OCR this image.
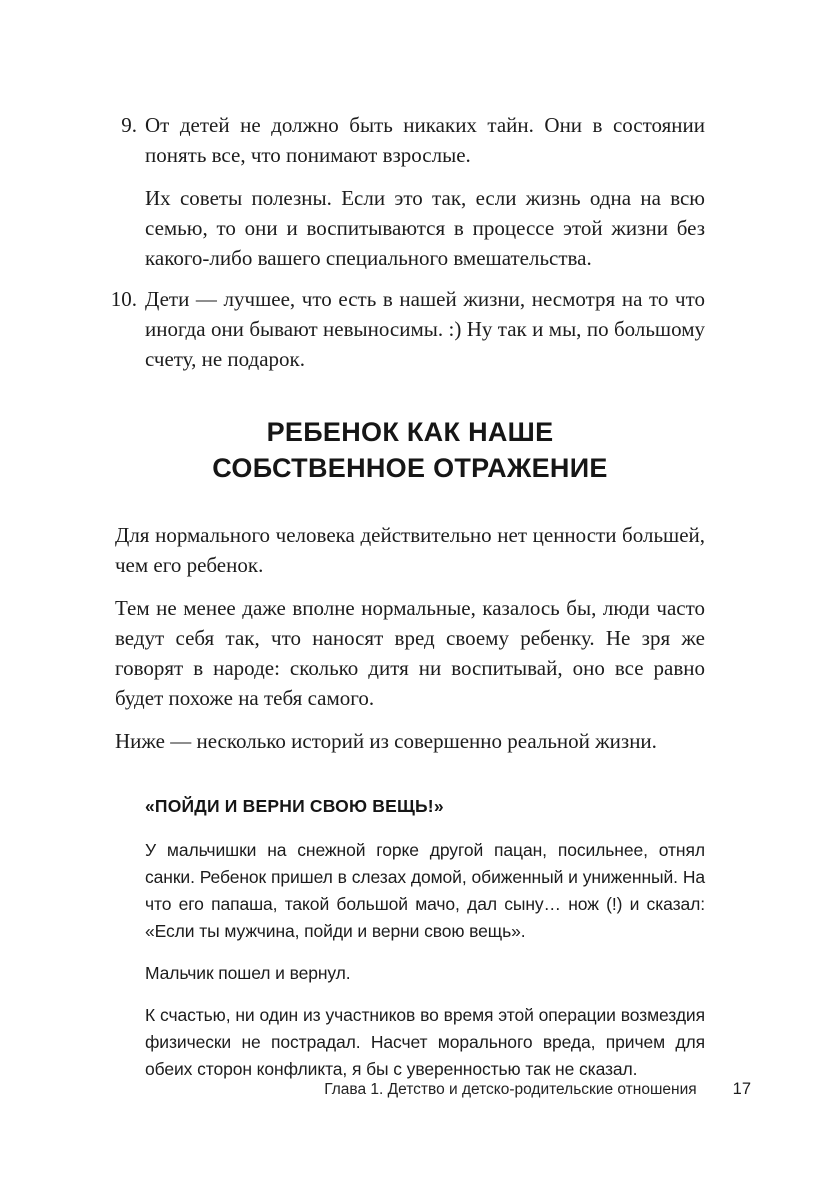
9. От детей не должно быть никаких тайн. Они в состоянии понять все, что понимают взрослые.

Их советы полезны. Если это так, если жизнь одна на всю семью, то они и воспитываются в процессе этой жизни без какого-либо вашего специального вмешательства.

10. Дети — лучшее, что есть в нашей жизни, несмотря на то что иногда они бывают невыносимы. :) Ну так и мы, по большому счету, не подарок.

РЕБЕНОК КАК НАШЕ
СОБСТВЕННОЕ ОТРАЖЕНИЕ

Для нормального человека действительно нет ценности большей, чем его ребенок.

Тем не менее даже вполне нормальные, казалось бы, люди часто ведут себя так, что наносят вред своему ребенку. Не зря же говорят в народе: сколько дитя ни воспитывай, оно все равно будет похоже на тебя самого.

Ниже — несколько историй из совершенно реальной жизни.

«ПОЙДИ И ВЕРНИ СВОЮ ВЕЩЬ!»

У мальчишки на снежной горке другой пацан, посильнее, отнял санки. Ребенок пришел в слезах домой, обиженный и униженный. На что его папаша, такой большой мачо, дал сыну… нож (!) и сказал: «Если ты мужчина, пойди и верни свою вещь».

Мальчик пошел и вернул.

К счастью, ни один из участников во время этой операции возмездия физически не пострадал. Насчет морального вреда, причем для обеих сторон конфликта, я бы с уверенностью так не сказал.

Глава 1. Детство и детско-родительские отношения 17
